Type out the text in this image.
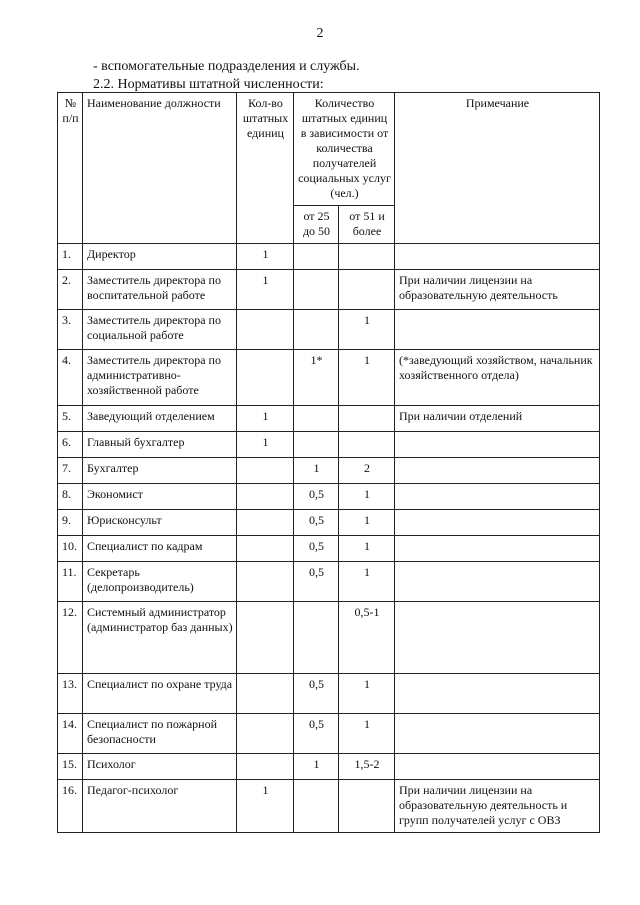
2
- вспомогательные подразделения и службы.
2.2. Нормативы штатной численности:
№ п/п	Наименование должности	Кол-во штатных единиц	Количество штатных единиц в зависимости от количества получателей социальных услуг (чел.)		Примечание
			от 25 до 50	от 51 и более	
1.	Директор	1			
2.	Заместитель директора по воспитательной работе	1			При наличии лицензии на образовательную деятельность
3.	Заместитель директора по социальной работе			1	
4.	Заместитель директора по административно-хозяйственной работе		1*	1	(*заведующий хозяйством, начальник хозяйственного отдела)
5.	Заведующий отделением	1			При наличии отделений
6.	Главный бухгалтер	1			
7.	Бухгалтер		1	2	
8.	Экономист		0,5	1	
9.	Юрисконсульт		0,5	1	
10.	Специалист по кадрам		0,5	1	
11.	Секретарь (делопроизводитель)		0,5	1	
12.	Системный администратор (администратор баз данных)			0,5-1	
13.	Специалист по охране труда		0,5	1	
14.	Специалист по пожарной безопасности		0,5	1	
15.	Психолог		1	1,5-2	
16.	Педагог-психолог	1			При наличии лицензии на образовательную деятельность и групп получателей услуг с ОВЗ
